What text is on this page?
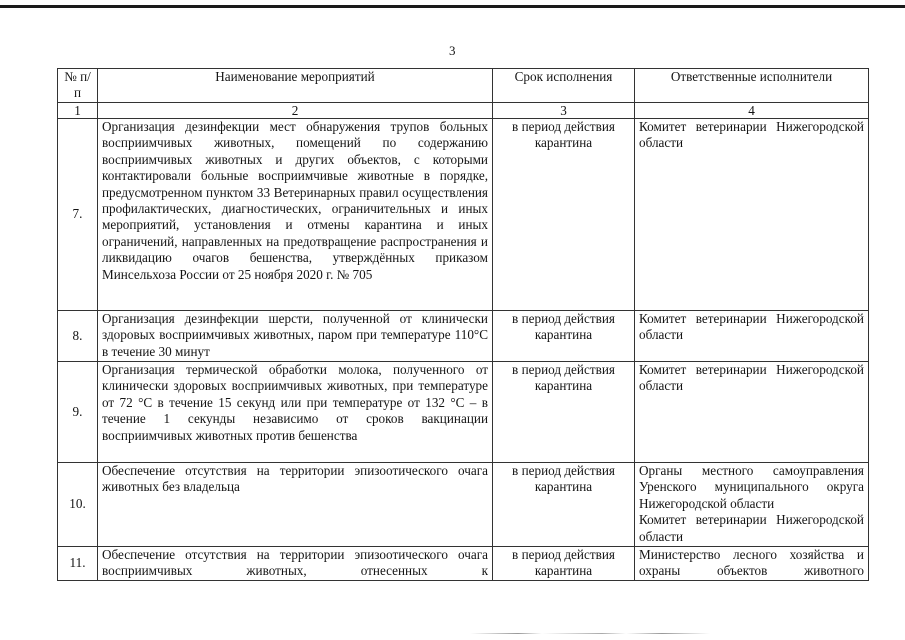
3
№ п/п	Наименование мероприятий	Срок исполнения	Ответственные исполнители
1	2	3	4
7.	Организация дезинфекции мест обнаружения трупов больных восприимчивых животных, помещений по содержанию восприимчивых животных и других объектов, с которыми контактировали больные восприимчивые животные в порядке, предусмотренном пунктом 33 Ветеринарных правил осуществления профилактических, диагностических, ограничительных и иных мероприятий, установления и отмены карантина и иных ограничений, направленных на предотвращение распространения и ликвидацию очагов бешенства, утверждённых приказом Минсельхоза России от 25 ноября 2020 г. № 705	в период действия карантина	Комитет ветеринарии Нижегородской области

8.	Организация дезинфекции шерсти, полученной от клинически здоровых восприимчивых животных, паром при температуре 110°С в течение 30 минут	в период действия карантина	Комитет ветеринарии Нижегородской области

9.	Организация термической обработки молока, полученного от клинически здоровых восприимчивых животных, при температуре от 72 °С в течение 15 секунд или при температуре от 132 °С – в течение 1 секунды независимо от сроков вакцинации восприимчивых животных против бешенства	в период действия карантина	Комитет ветеринарии Нижегородской области

10.	Обеспечение отсутствия на территории эпизоотического очага животных без владельца	в период действия карантина	Органы местного самоуправления Уренского муниципального округа Нижегородской области
Комитет ветеринарии Нижегородской области

11.	Обеспечение отсутствия на территории эпизоотического очага восприимчивых животных, отнесенных к	в период действия карантина	Министерство лесного хозяйства и охраны объектов животного
